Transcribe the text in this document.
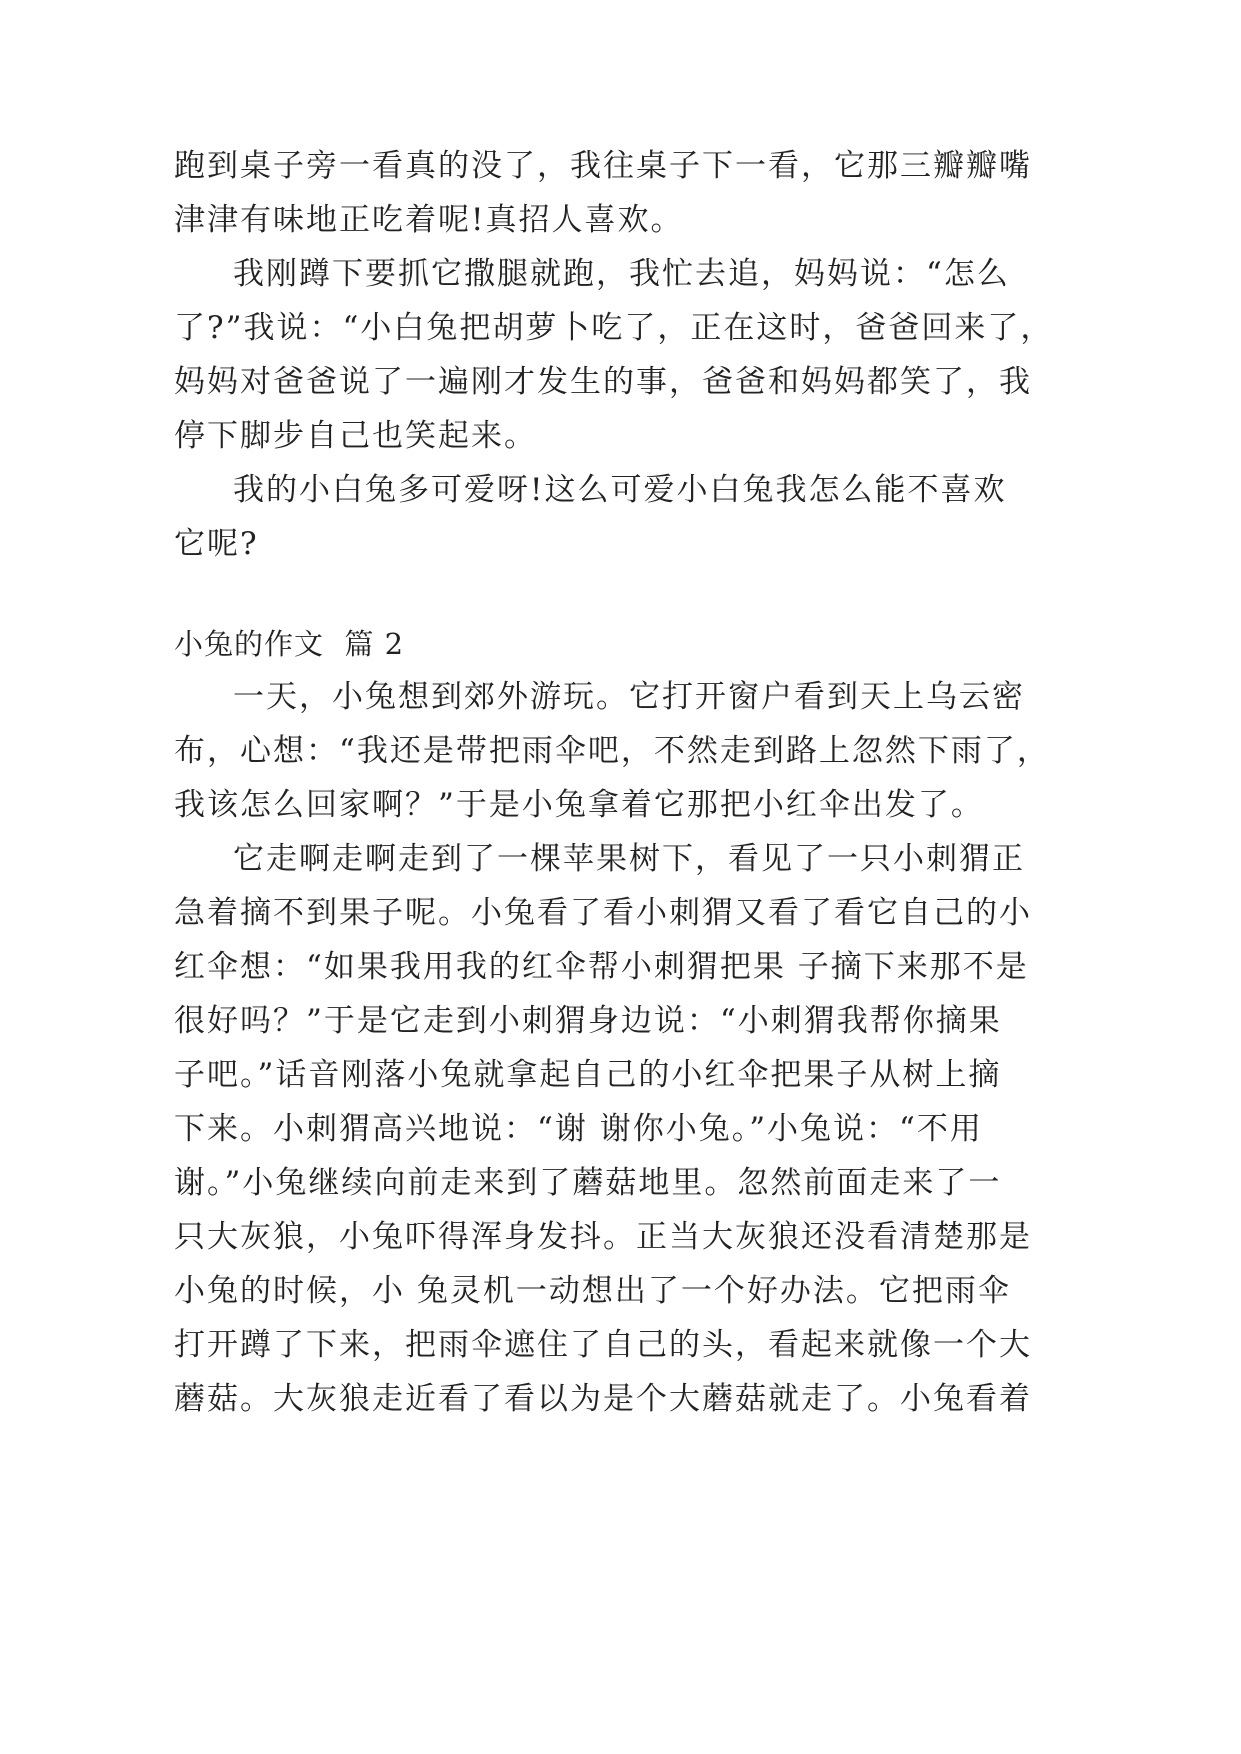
跑到桌子旁一看真的没了，我往桌子下一看，它那三瓣瓣嘴
津津有味地正吃着呢!真招人喜欢。
我刚蹲下要抓它撒腿就跑，我忙去追，妈妈说：“怎么
了?”我说：“小白兔把胡萝卜吃了，正在这时，爸爸回来了，
妈妈对爸爸说了一遍刚才发生的事，爸爸和妈妈都笑了，我
停下脚步自己也笑起来。
我的小白兔多可爱呀!这么可爱小白兔我怎么能不喜欢
它呢?
小兔的作文  篇 2
一天，小兔想到郊外游玩。它打开窗户看到天上乌云密
布，心想：“我还是带把雨伞吧，不然走到路上忽然下雨了，
我该怎么回家啊？”于是小兔拿着它那把小红伞出发了。
它走啊走啊走到了一棵苹果树下，看见了一只小刺猬正
急着摘不到果子呢。小兔看了看小刺猬又看了看它自己的小
红伞想：“如果我用我的红伞帮小刺猬把果 子摘下来那不是
很好吗？”于是它走到小刺猬身边说：“小刺猬我帮你摘果
子吧。”话音刚落小兔就拿起自己的小红伞把果子从树上摘
下来。小刺猬高兴地说：“谢 谢你小兔。”小兔说：“不用
谢。”小兔继续向前走来到了蘑菇地里。忽然前面走来了一
只大灰狼，小兔吓得浑身发抖。正当大灰狼还没看清楚那是
小兔的时候，小 兔灵机一动想出了一个好办法。它把雨伞
打开蹲了下来，把雨伞遮住了自己的头，看起来就像一个大
蘑菇。大灰狼走近看了看以为是个大蘑菇就走了。小兔看着
